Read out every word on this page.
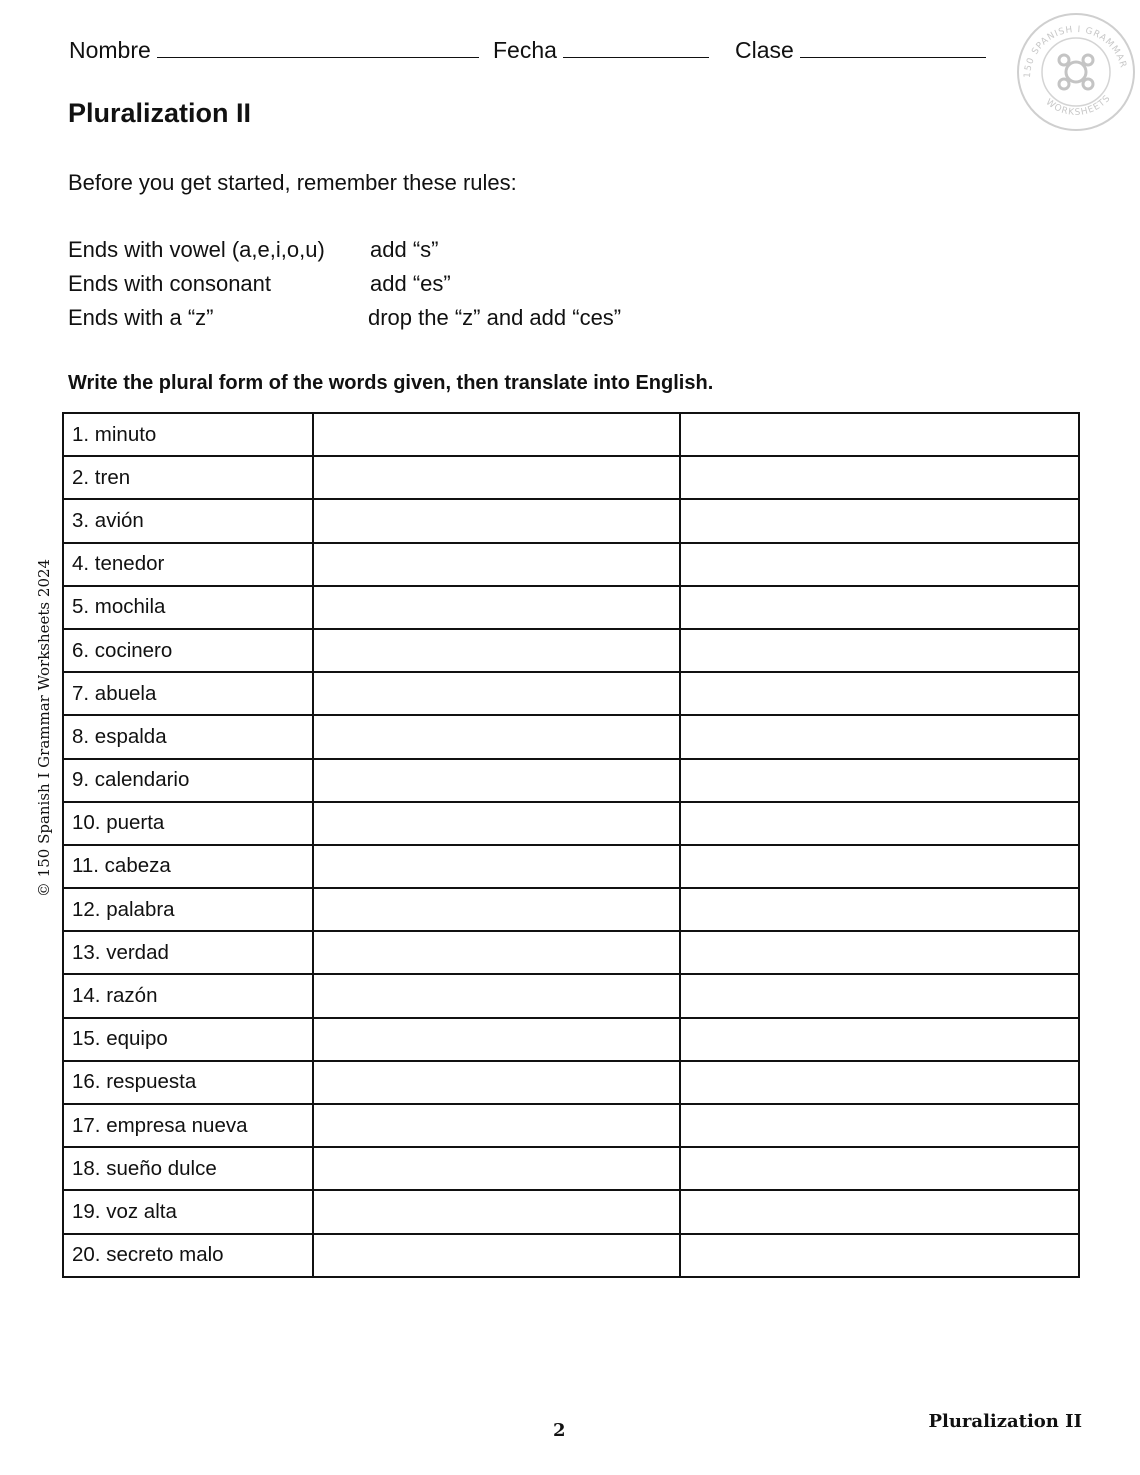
Nombre	Fecha	Clase
150 SPANISH I GRAMMAR
WORKSHEETS
Pluralization II
Before you get started, remember these rules:
Ends with vowel (a,e,i,o,u) add “s”
Ends with consonant	add “es”
Ends with a “z”	drop the “z” and add “ces”
Write the plural form of the words given, then translate into English.
1. minuto		
2. tren		
3. avión		
4. tenedor		
5. mochila		
6. cocinero		
7. abuela		
8. espalda		
9. calendario		
10. puerta		
11. cabeza		
12. palabra		
13. verdad		
14. razón		
15. equipo		
16. respuesta		
17. empresa nueva		
18. sueño dulce		
19. voz alta		
20. secreto malo		
© 150 Spanish I Grammar Worksheets 2024
2	Pluralization II
